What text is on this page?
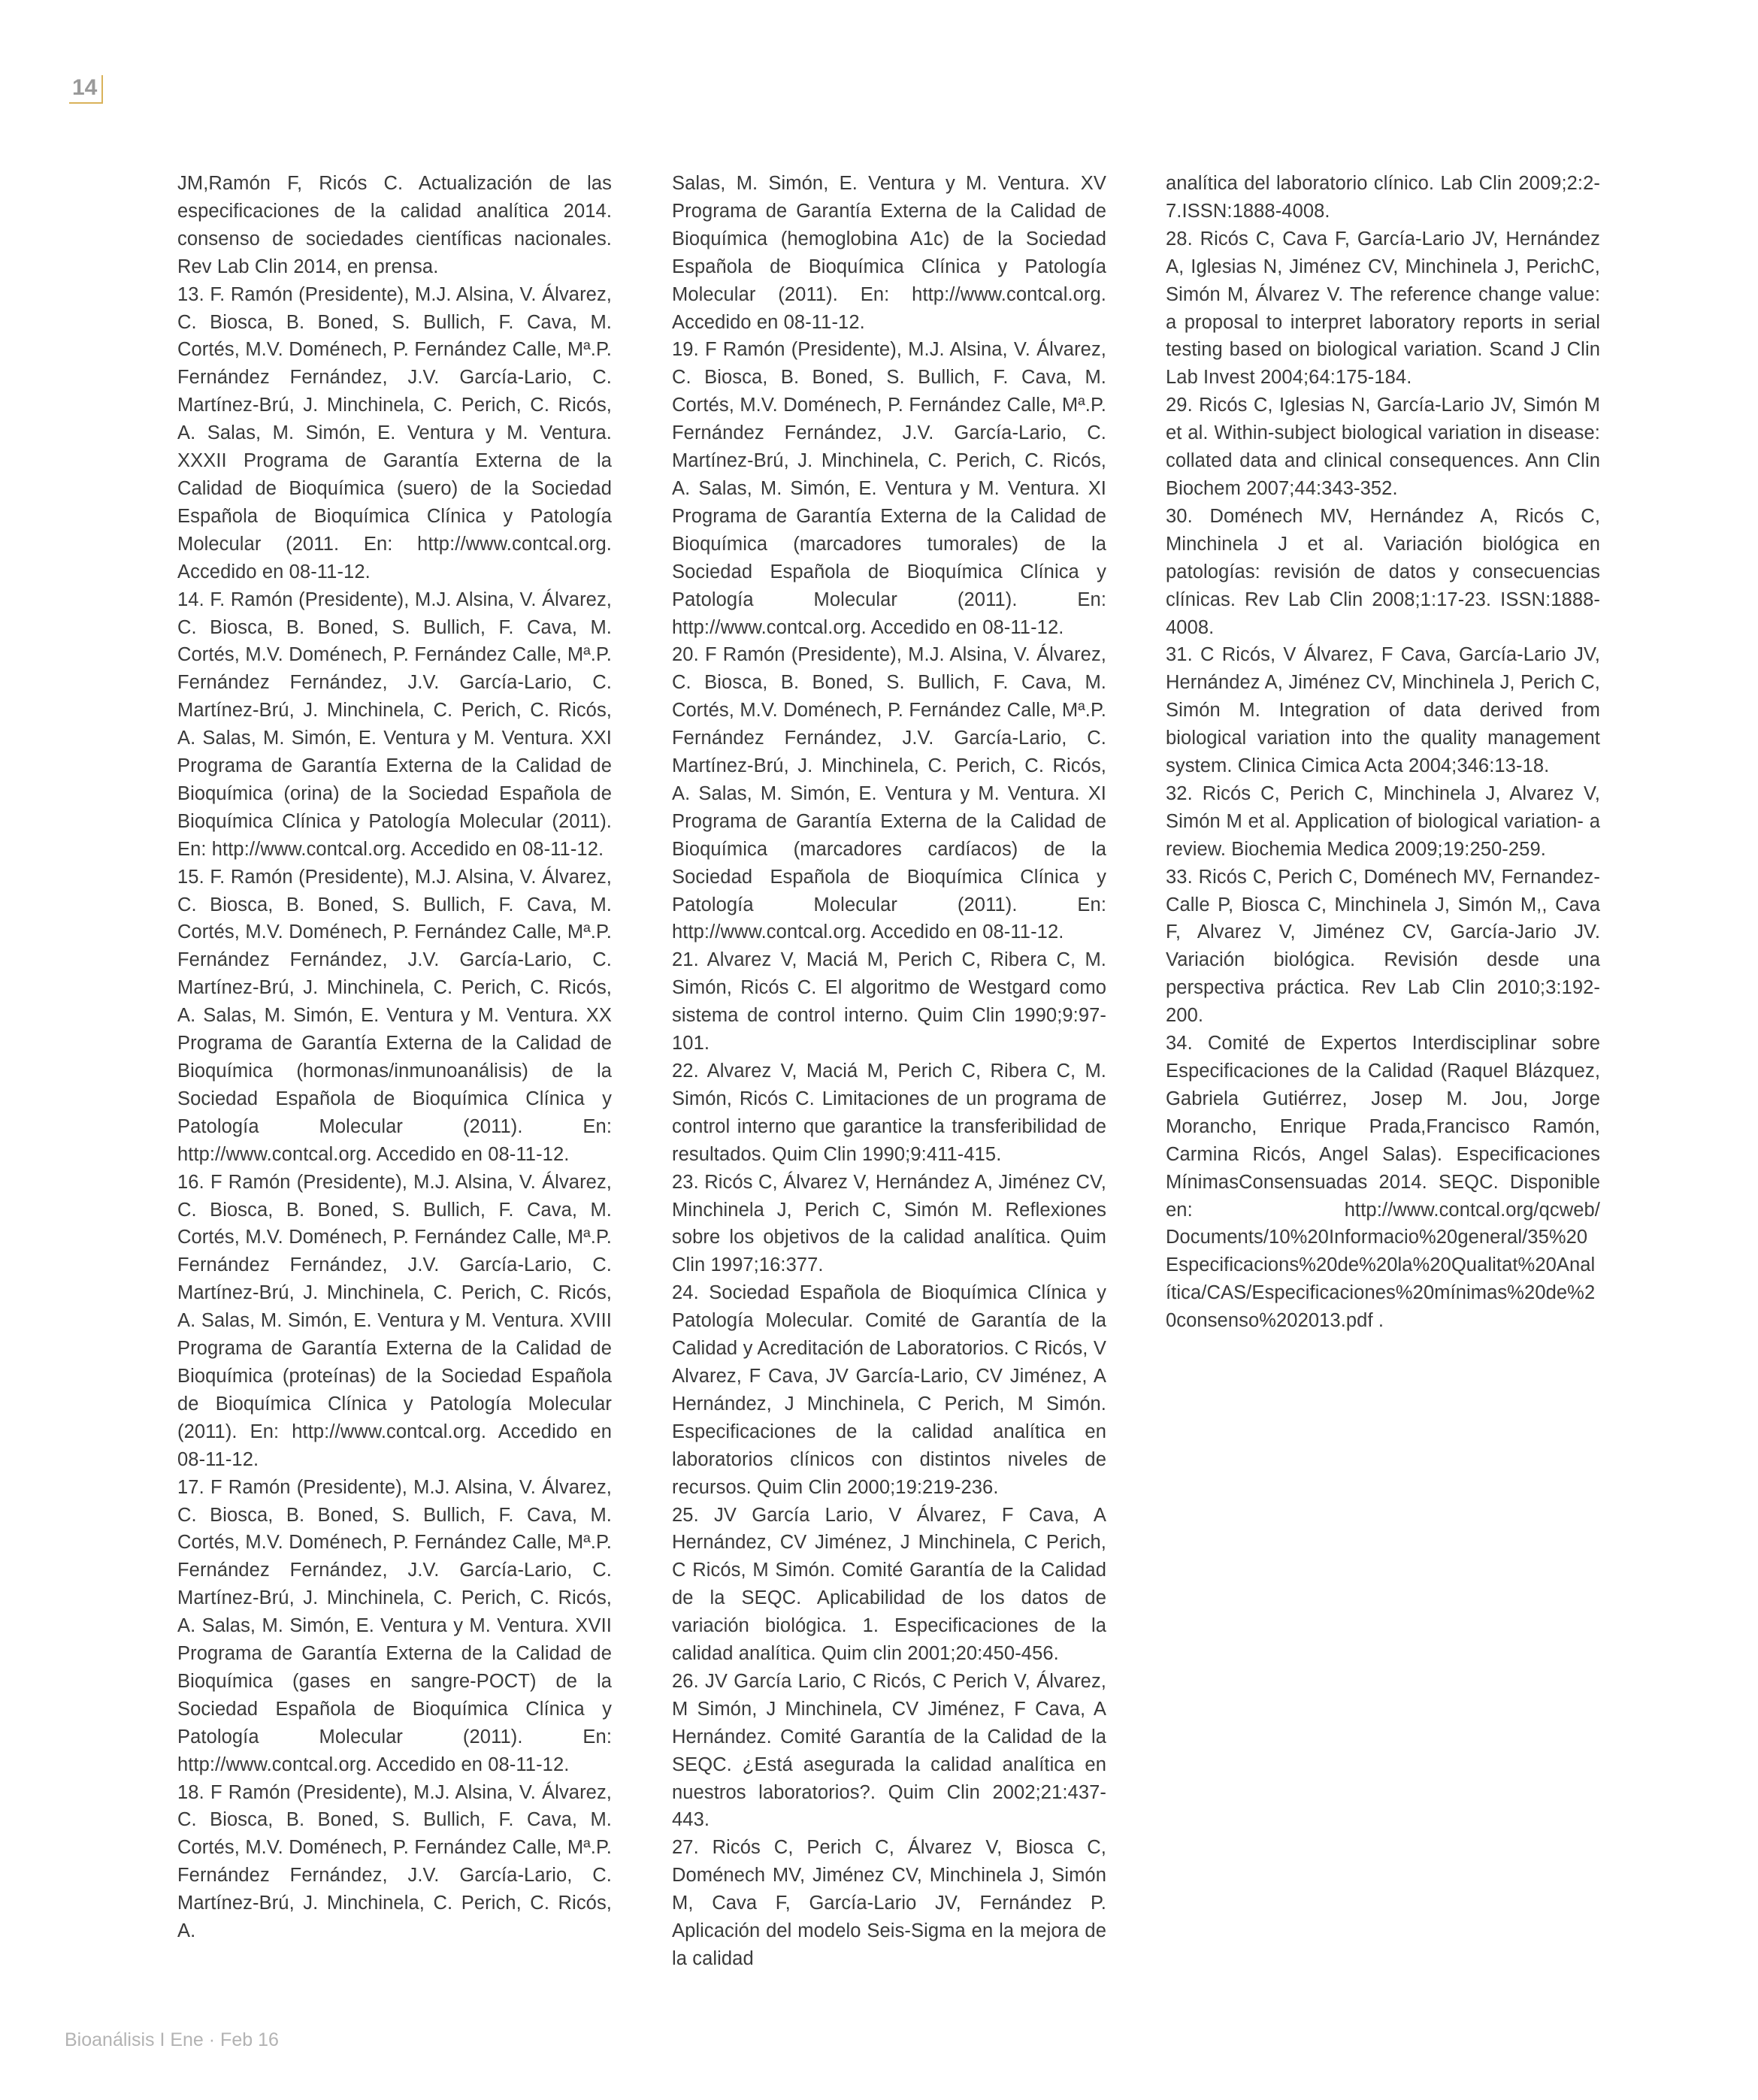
14

JM,Ramón F, Ricós C. Actualización de las especificaciones de la calidad analítica 2014. consenso de sociedades científicas nacionales. Rev Lab Clin 2014, en prensa.

13. F. Ramón (Presidente), M.J. Alsina, V. Álvarez, C. Biosca, B. Boned, S. Bullich, F. Cava, M. Cortés, M.V. Doménech, P. Fernández Calle, Mª.P. Fernández Fernández, J.V. García-Lario, C. Martínez-Brú, J. Minchinela, C. Perich, C. Ricós, A. Salas, M. Simón, E. Ventura y M. Ventura. XXXII Programa de Garantía Externa de la Calidad de Bioquímica (suero) de la Sociedad Española de Bioquímica Clínica y Patología Molecular (2011. En: http://www.contcal.org. Accedido en 08-11-12.

14. F. Ramón (Presidente), M.J. Alsina, V. Álvarez, C. Biosca, B. Boned, S. Bullich, F. Cava, M. Cortés, M.V. Doménech, P. Fernández Calle, Mª.P. Fernández Fernández, J.V. García-Lario, C. Martínez-Brú, J. Minchinela, C. Perich, C. Ricós, A. Salas, M. Simón, E. Ventura y M. Ventura. XXI Programa de Garantía Externa de la Calidad de Bioquímica (orina) de la Sociedad Española de Bioquímica Clínica y Patología Molecular (2011). En: http://www.contcal.org. Accedido en 08-11-12.

15. F. Ramón (Presidente), M.J. Alsina, V. Álvarez, C. Biosca, B. Boned, S. Bullich, F. Cava, M. Cortés, M.V. Doménech, P. Fernández Calle, Mª.P. Fernández Fernández, J.V. García-Lario, C. Martínez-Brú, J. Minchinela, C. Perich, C. Ricós, A. Salas, M. Simón, E. Ventura y M. Ventura. XX Programa de Garantía Externa de la Calidad de Bioquímica (hormonas/inmunoanálisis) de la Sociedad Española de Bioquímica Clínica y Patología Molecular (2011). En: http://www.contcal.org. Accedido en 08-11-12.

16. F Ramón (Presidente), M.J. Alsina, V. Álvarez, C. Biosca, B. Boned, S. Bullich, F. Cava, M. Cortés, M.V. Doménech, P. Fernández Calle, Mª.P. Fernández Fernández, J.V. García-Lario, C. Martínez-Brú, J. Minchinela, C. Perich, C. Ricós, A. Salas, M. Simón, E. Ventura y M. Ventura. XVIII Programa de Garantía Externa de la Calidad de Bioquímica (proteínas) de la Sociedad Española de Bioquímica Clínica y Patología Molecular (2011). En: http://www.contcal.org. Accedido en 08-11-12.

17. F Ramón (Presidente), M.J. Alsina, V. Álvarez, C. Biosca, B. Boned, S. Bullich, F. Cava, M. Cortés, M.V. Doménech, P. Fernández Calle, Mª.P. Fernández Fernández, J.V. García-Lario, C. Martínez-Brú, J. Minchinela, C. Perich, C. Ricós, A. Salas, M. Simón, E. Ventura y M. Ventura. XVII Programa de Garantía Externa de la Calidad de Bioquímica (gases en sangre-POCT) de la Sociedad Española de Bioquímica Clínica y Patología Molecular (2011). En: http://www.contcal.org. Accedido en 08-11-12.

18. F Ramón (Presidente), M.J. Alsina, V. Álvarez, C. Biosca, B. Boned, S. Bullich, F. Cava, M. Cortés, M.V. Doménech, P. Fernández Calle, Mª.P. Fernández Fernández, J.V. García-Lario, C. Martínez-Brú, J. Minchinela, C. Perich, C. Ricós, A.

Salas, M. Simón, E. Ventura y M. Ventura. XV Programa de Garantía Externa de la Calidad de Bioquímica (hemoglobina A1c) de la Sociedad Española de Bioquímica Clínica y Patología Molecular (2011). En: http://www.contcal.org. Accedido en 08-11-12.

19. F Ramón (Presidente), M.J. Alsina, V. Álvarez, C. Biosca, B. Boned, S. Bullich, F. Cava, M. Cortés, M.V. Doménech, P. Fernández Calle, Mª.P. Fernández Fernández, J.V. García-Lario, C. Martínez-Brú, J. Minchinela, C. Perich, C. Ricós, A. Salas, M. Simón, E. Ventura y M. Ventura. XI Programa de Garantía Externa de la Calidad de Bioquímica (marcadores tumorales) de la Sociedad Española de Bioquímica Clínica y Patología Molecular (2011). En: http://www.contcal.org. Accedido en 08-11-12.

20. F Ramón (Presidente), M.J. Alsina, V. Álvarez, C. Biosca, B. Boned, S. Bullich, F. Cava, M. Cortés, M.V. Doménech, P. Fernández Calle, Mª.P. Fernández Fernández, J.V. García-Lario, C. Martínez-Brú, J. Minchinela, C. Perich, C. Ricós, A. Salas, M. Simón, E. Ventura y M. Ventura. XI Programa de Garantía Externa de la Calidad de Bioquímica (marcadores cardíacos) de la Sociedad Española de Bioquímica Clínica y Patología Molecular (2011). En: http://www.contcal.org. Accedido en 08-11-12.

21. Alvarez V, Maciá M, Perich C, Ribera C, M. Simón, Ricós C. El algoritmo de Westgard como sistema de control interno. Quim Clin 1990;9:97-101.

22. Alvarez V, Maciá M, Perich C, Ribera C, M. Simón, Ricós C. Limitaciones de un programa de control interno que garantice la transferibilidad de resultados. Quim Clin 1990;9:411-415.

23. Ricós C, Álvarez V, Hernández A, Jiménez CV, Minchinela J, Perich C, Simón M. Reflexiones sobre los objetivos de la calidad analítica. Quim Clin 1997;16:377.

24. Sociedad Española de Bioquímica Clínica y Patología Molecular. Comité de Garantía de la Calidad y Acreditación de Laboratorios. C Ricós, V Alvarez, F Cava, JV García-Lario, CV Jiménez, A Hernández, J Minchinela, C Perich, M Simón. Especificaciones de la calidad analítica en laboratorios clínicos con distintos niveles de recursos. Quim Clin 2000;19:219-236.

25. JV García Lario, V Álvarez, F Cava, A Hernández, CV Jiménez, J Minchinela, C Perich, C Ricós, M Simón. Comité Garantía de la Calidad de la SEQC. Aplicabilidad de los datos de variación biológica. 1. Especificaciones de la calidad analítica. Quim clin 2001;20:450-456.

26. JV García Lario, C Ricós, C Perich V, Álvarez, M Simón, J Minchinela, CV Jiménez, F Cava, A Hernández. Comité Garantía de la Calidad de la SEQC. ¿Está asegurada la calidad analítica en nuestros laboratorios?. Quim Clin 2002;21:437-443.

27. Ricós C, Perich C, Álvarez V, Biosca C, Doménech MV, Jiménez CV, Minchinela J, Simón M, Cava F, García-Lario JV, Fernández P. Aplicación del modelo Seis-Sigma en la mejora de la calidad

analítica del laboratorio clínico. Lab Clin 2009;2:2-7.ISSN:1888-4008.

28. Ricós C, Cava F, García-Lario JV, Hernández A, Iglesias N, Jiménez CV, Minchinela J, PerichC, Simón M, Álvarez V. The reference change value: a proposal to interpret laboratory reports in serial testing based on biological variation. Scand J Clin Lab Invest 2004;64:175-184.

29. Ricós C, Iglesias N, García-Lario JV, Simón M et al. Within-subject biological variation in disease: collated data and clinical consequences. Ann Clin Biochem 2007;44:343-352.

30. Doménech MV, Hernández A, Ricós C, Minchinela J et al. Variación biológica en patologías: revisión de datos y consecuencias clínicas. Rev Lab Clin 2008;1:17-23. ISSN:1888-4008.

31. C Ricós, V Álvarez, F Cava, García-Lario JV, Hernández A, Jiménez CV, Minchinela J, Perich C, Simón M. Integration of data derived from biological variation into the quality management system. Clinica Cimica Acta 2004;346:13-18.

32. Ricós C, Perich C, Minchinela J, Alvarez V, Simón M et al. Application of biological variation- a review. Biochemia Medica 2009;19:250-259.

33. Ricós C, Perich C, Doménech MV, Fernandez-Calle P, Biosca C, Minchinela J, Simón M,, Cava F, Alvarez V, Jiménez CV, García-Jario JV. Variación biológica. Revisión desde una perspectiva práctica. Rev Lab Clin 2010;3:192-200.

34. Comité de Expertos Interdisciplinar sobre Especificaciones de la Calidad (Raquel Blázquez, Gabriela Gutiérrez, Josep M. Jou, Jorge Morancho, Enrique Prada,Francisco Ramón, Carmina Ricós, Angel Salas). Especificaciones MínimasConsensuadas 2014. SEQC. Disponible en: http://www.contcal.org/qcweb/ Documents/10%20Informacio%20general/35%20Especificacions%20de%20la%20Qualitat%20Analítica/CAS/Especificaciones%20mínimas%20de%20consenso%202013.pdf .

Bioanálisis I Ene · Feb 16
